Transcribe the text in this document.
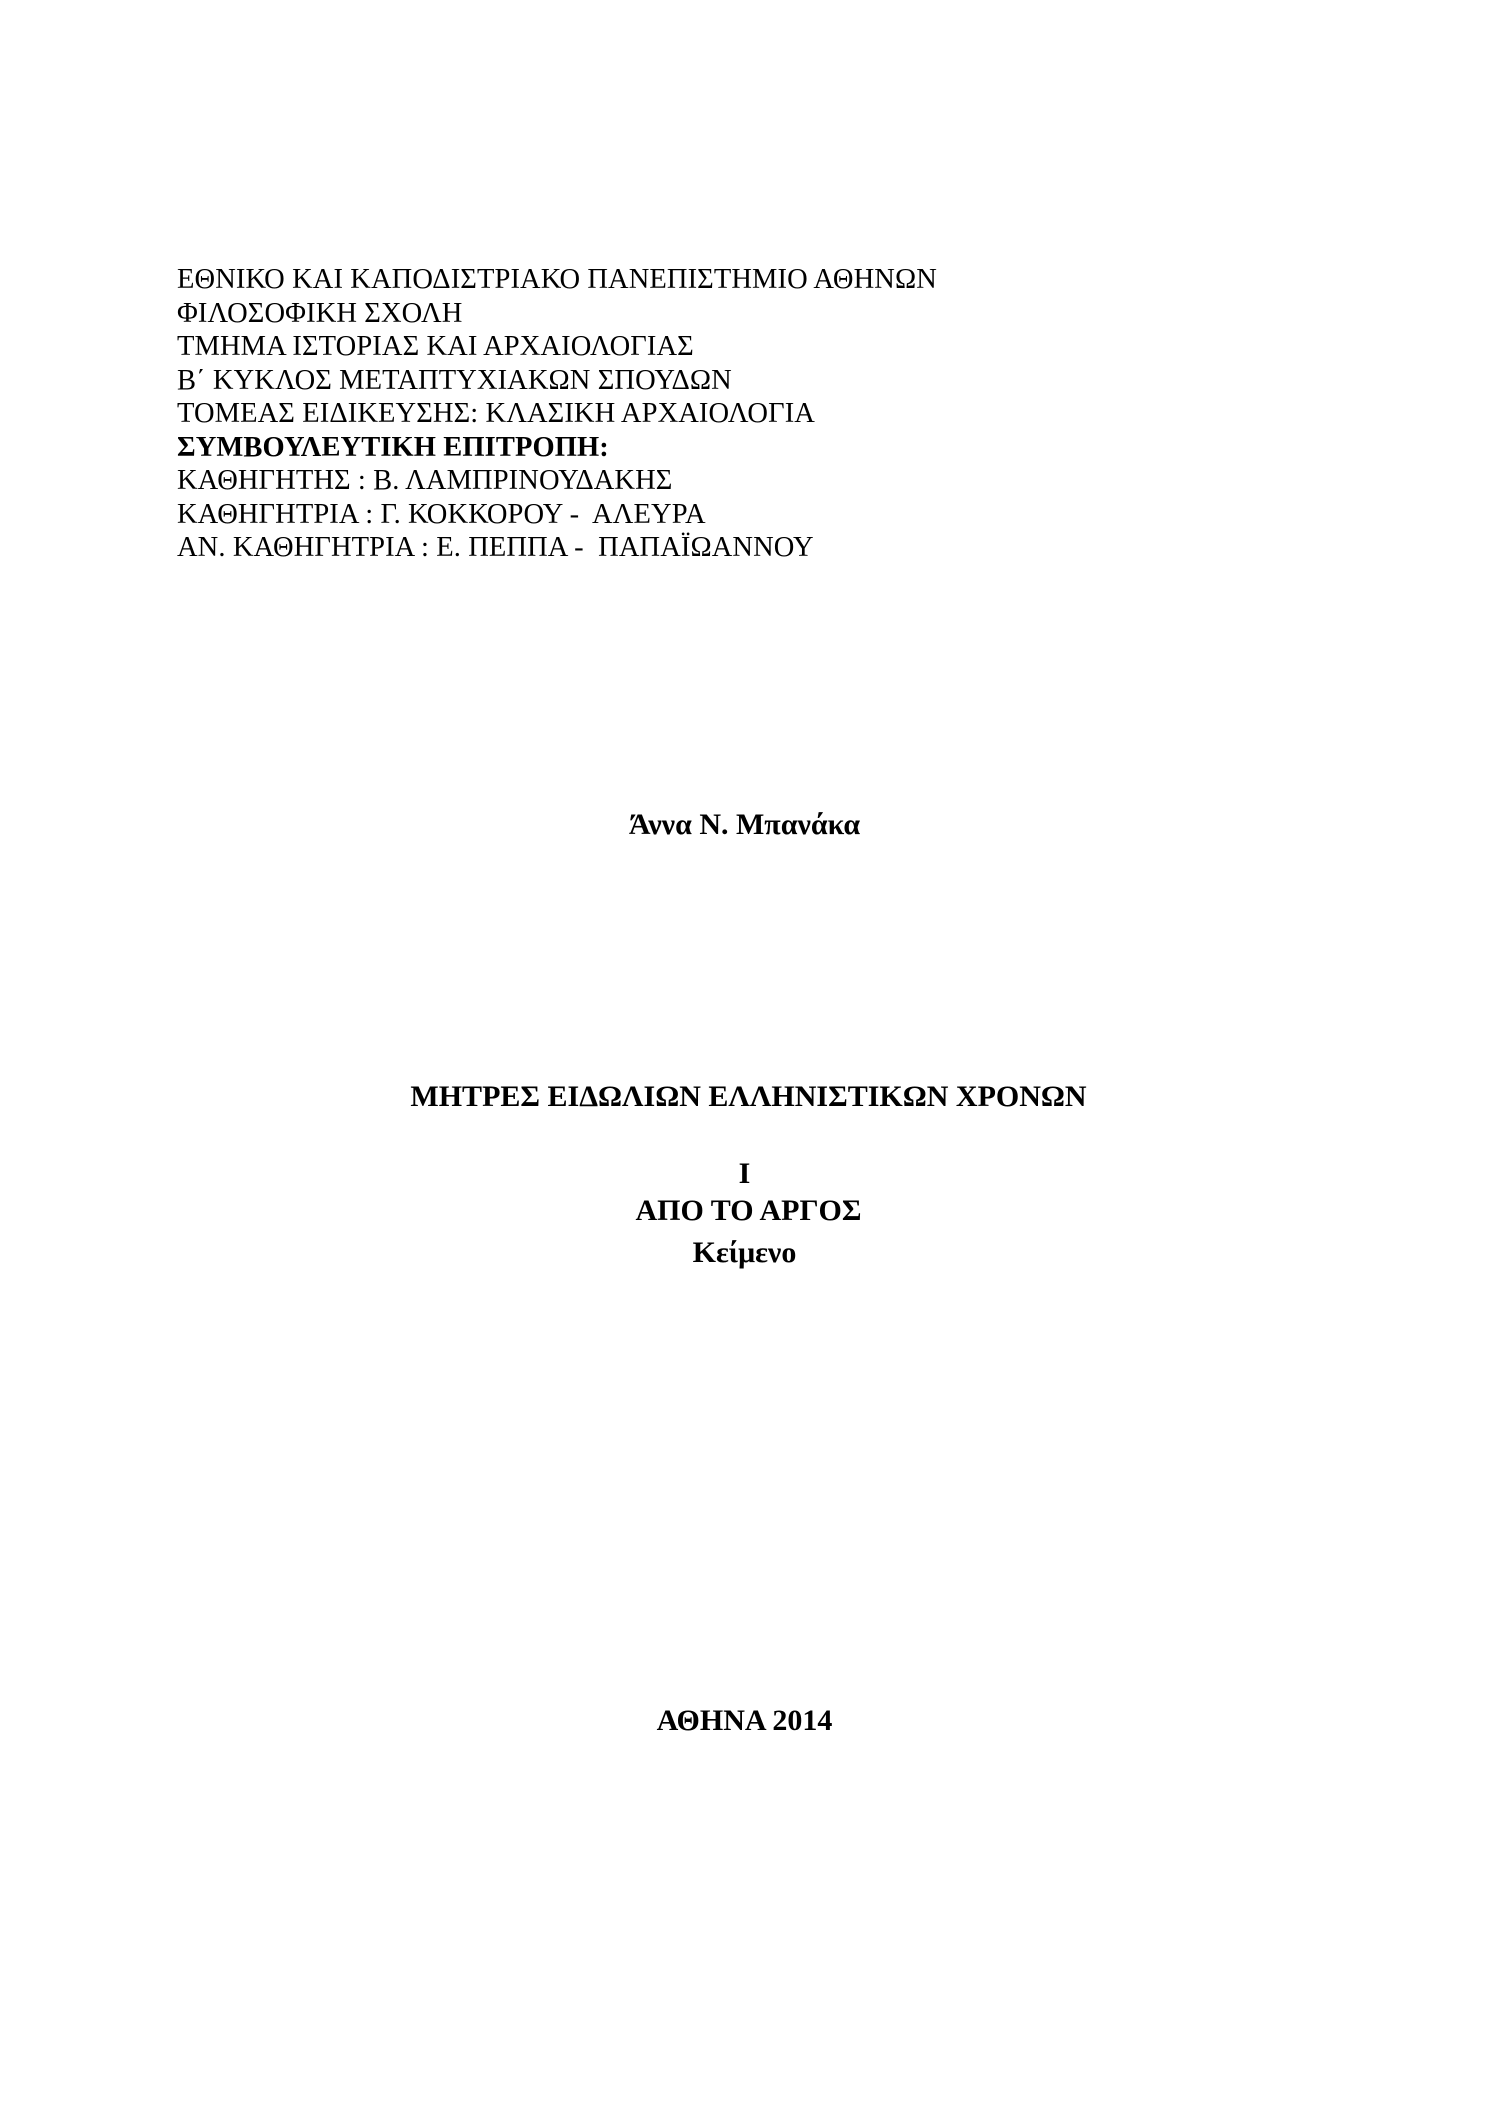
ΕΘΝΙΚΟ ΚΑΙ ΚΑΠΟΔΙΣΤΡΙΑΚΟ ΠΑΝΕΠΙΣΤΗΜΙΟ ΑΘΗΝΩΝ
ΦΙΛΟΣΟΦΙΚΗ ΣΧΟΛΗ
ΤΜΗΜΑ ΙΣΤΟΡΙΑΣ ΚΑΙ ΑΡΧΑΙΟΛΟΓΙΑΣ
Β΄ ΚΥΚΛΟΣ ΜΕΤΑΠΤΥΧΙΑΚΩΝ ΣΠΟΥΔΩΝ
ΤΟΜΕΑΣ ΕΙΔΙΚΕΥΣΗΣ: ΚΛΑΣΙΚΗ ΑΡΧΑΙΟΛΟΓΙΑ
ΣΥΜΒΟΥΛΕΥΤΙΚΗ ΕΠΙΤΡΟΠΗ:
ΚΑΘΗΓΗΤΗΣ : Β. ΛΑΜΠΡΙΝΟΥΔΑΚΗΣ
ΚΑΘΗΓΗΤΡΙΑ : Γ. ΚΟΚΚΟΡΟΥ -  ΑΛΕΥΡΑ
ΑΝ. ΚΑΘΗΓΗΤΡΙΑ : Ε. ΠΕΠΠΑ -  ΠΑΠΑΪΩΑΝΝΟΥ
Άννα Ν. Μπανάκα

ΜΗΤΡΕΣ ΕΙΔΩΛΙΩΝ ΕΛΛΗΝΙΣΤΙΚΩΝ ΧΡΟΝΩΝ

ΑΠΟ ΤΟ ΑΡΓΟΣ

Ι
Κείμενο
ΑΘΗΝΑ 2014
